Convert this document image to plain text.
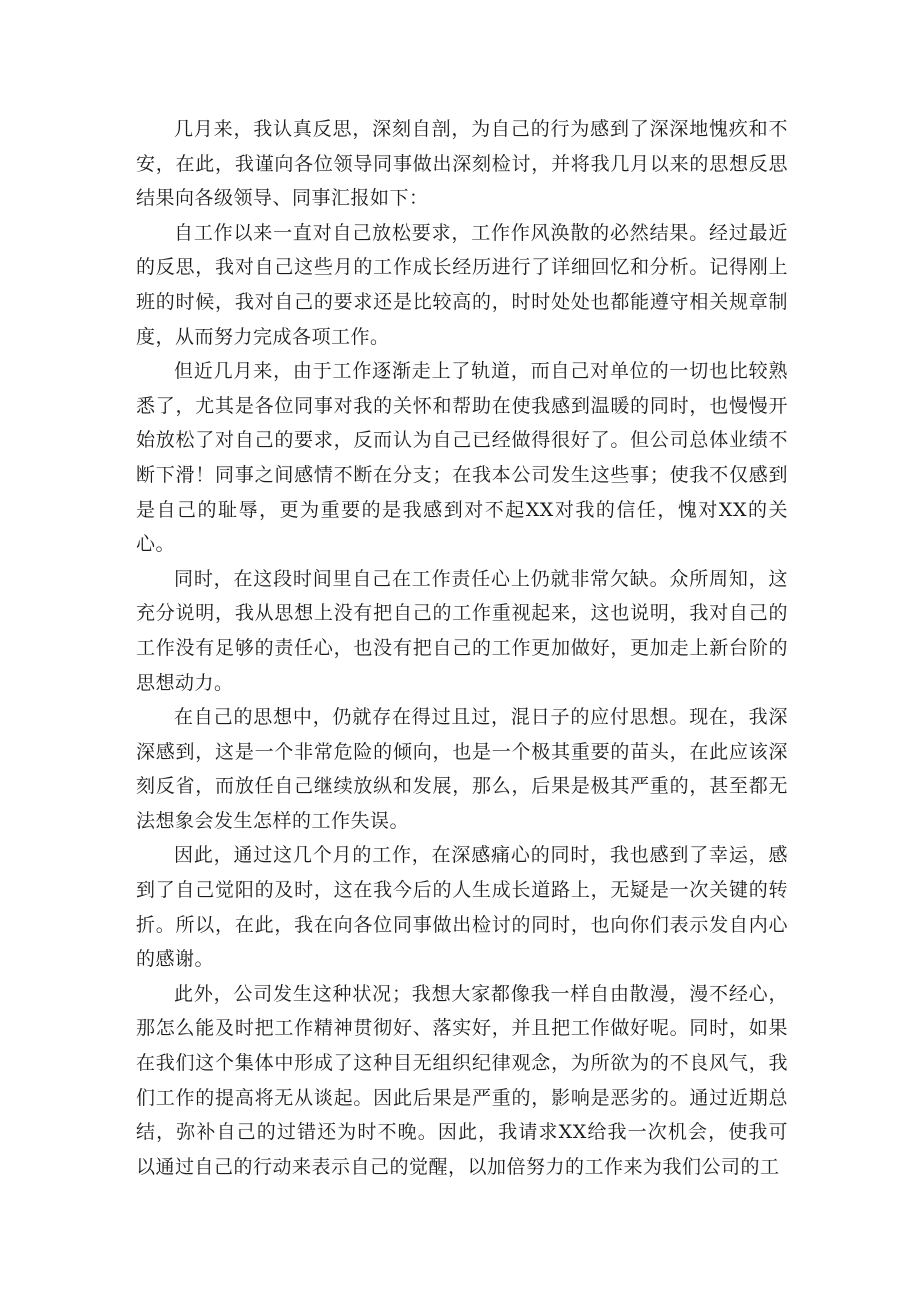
几月来，我认真反思，深刻自剖，为自己的行为感到了深深地愧疚和不安，在此，我谨向各位领导同事做出深刻检讨，并将我几月以来的思想反思结果向各级领导、同事汇报如下：

自工作以来一直对自己放松要求，工作作风涣散的必然结果。经过最近的反思，我对自己这些月的工作成长经历进行了详细回忆和分析。记得刚上班的时候，我对自己的要求还是比较高的，时时处处也都能遵守相关规章制度，从而努力完成各项工作。

但近几月来，由于工作逐渐走上了轨道，而自己对单位的一切也比较熟悉了，尤其是各位同事对我的关怀和帮助在使我感到温暖的同时，也慢慢开始放松了对自己的要求，反而认为自己已经做得很好了。但公司总体业绩不断下滑！同事之间感情不断在分支；在我本公司发生这些事；使我不仅感到是自己的耻辱，更为重要的是我感到对不起XX对我的信任，愧对XX的关心。

同时，在这段时间里自己在工作责任心上仍就非常欠缺。众所周知，这充分说明，我从思想上没有把自己的工作重视起来，这也说明，我对自己的工作没有足够的责任心，也没有把自己的工作更加做好，更加走上新台阶的思想动力。

在自己的思想中，仍就存在得过且过，混日子的应付思想。现在，我深深感到，这是一个非常危险的倾向，也是一个极其重要的苗头，在此应该深刻反省，而放任自己继续放纵和发展，那么，后果是极其严重的，甚至都无法想象会发生怎样的工作失误。

因此，通过这几个月的工作，在深感痛心的同时，我也感到了幸运，感到了自己觉阳的及时，这在我今后的人生成长道路上，无疑是一次关键的转折。所以，在此，我在向各位同事做出检讨的同时，也向你们表示发自内心的感谢。

此外，公司发生这种状况；我想大家都像我一样自由散漫，漫不经心，那怎么能及时把工作精神贯彻好、落实好，并且把工作做好呢。同时，如果在我们这个集体中形成了这种目无组织纪律观念，为所欲为的不良风气，我们工作的提高将无从谈起。因此后果是严重的，影响是恶劣的。通过近期总结，弥补自己的过错还为时不晚。因此，我请求XX给我一次机会，使我可以通过自己的行动来表示自己的觉醒，以加倍努力的工作来为我们公司的工
